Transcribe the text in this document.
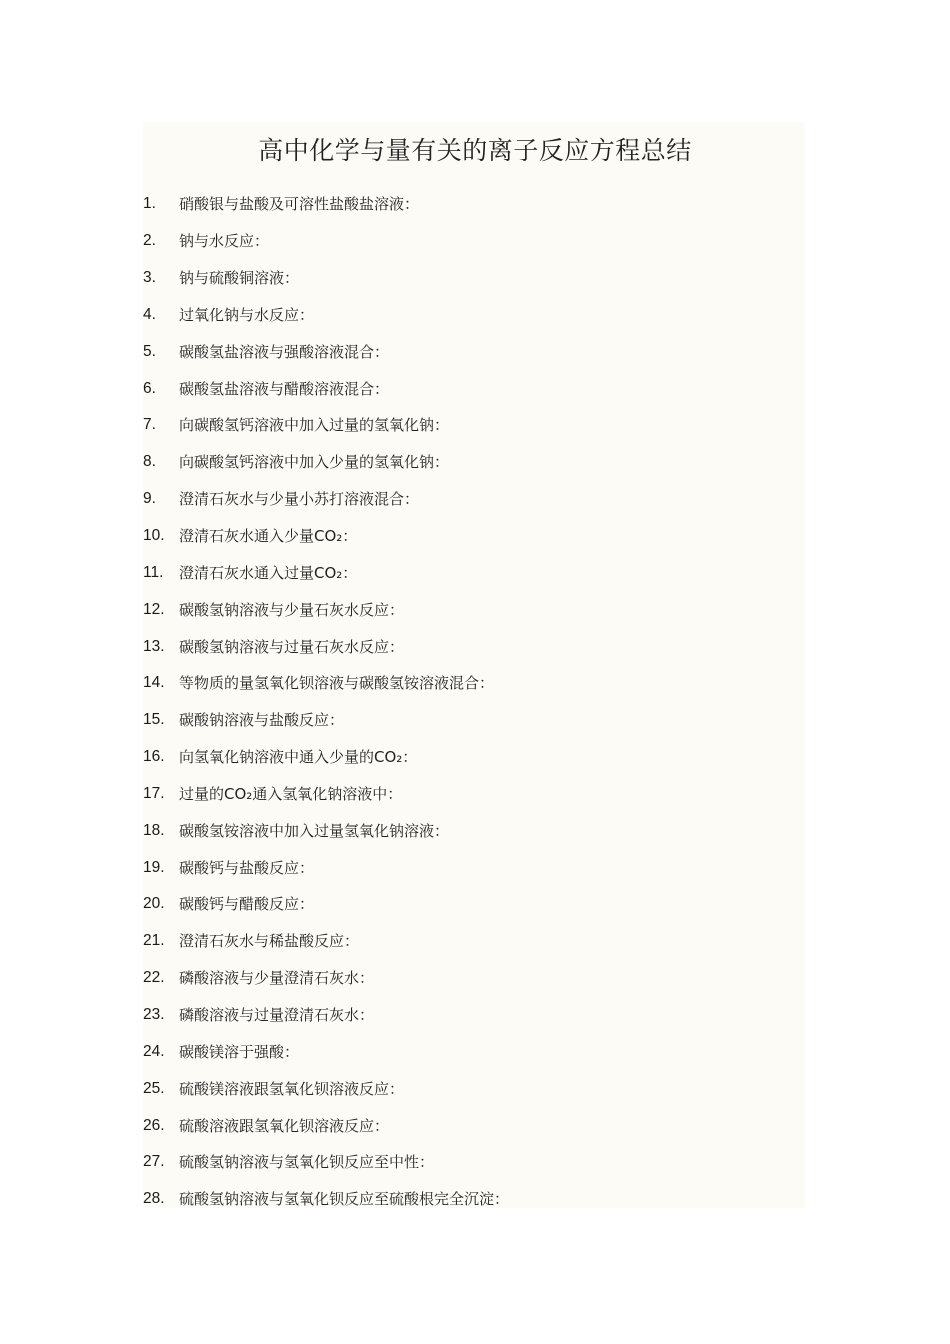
高中化学与量有关的离子反应方程总结
1.	硝酸银与盐酸及可溶性盐酸盐溶液：
2.	钠与水反应：
3.	钠与硫酸铜溶液：
4.	过氧化钠与水反应：
5.	碳酸氢盐溶液与强酸溶液混合：
6.	碳酸氢盐溶液与醋酸溶液混合：
7.	向碳酸氢钙溶液中加入过量的氢氧化钠：
8.	向碳酸氢钙溶液中加入少量的氢氧化钠：
9.	澄清石灰水与少量小苏打溶液混合：
10. 澄清石灰水通入少量CO₂：
11.	澄清石灰水通入过量CO₂：
12. 碳酸氢钠溶液与少量石灰水反应：
13. 碳酸氢钠溶液与过量石灰水反应：
14. 等物质的量氢氧化钡溶液与碳酸氢铵溶液混合：
15. 碳酸钠溶液与盐酸反应：
16. 向氢氧化钠溶液中通入少量的CO₂：
17. 过量的CO₂通入氢氧化钠溶液中：
18. 碳酸氢铵溶液中加入过量氢氧化钠溶液：
19. 碳酸钙与盐酸反应：
20. 碳酸钙与醋酸反应：
21. 澄清石灰水与稀盐酸反应：
22. 磷酸溶液与少量澄清石灰水：
23. 磷酸溶液与过量澄清石灰水：
24. 碳酸镁溶于强酸：
25. 硫酸镁溶液跟氢氧化钡溶液反应：
26. 硫酸溶液跟氢氧化钡溶液反应：
27. 硫酸氢钠溶液与氢氧化钡反应至中性：
28. 硫酸氢钠溶液与氢氧化钡反应至硫酸根完全沉淀：
